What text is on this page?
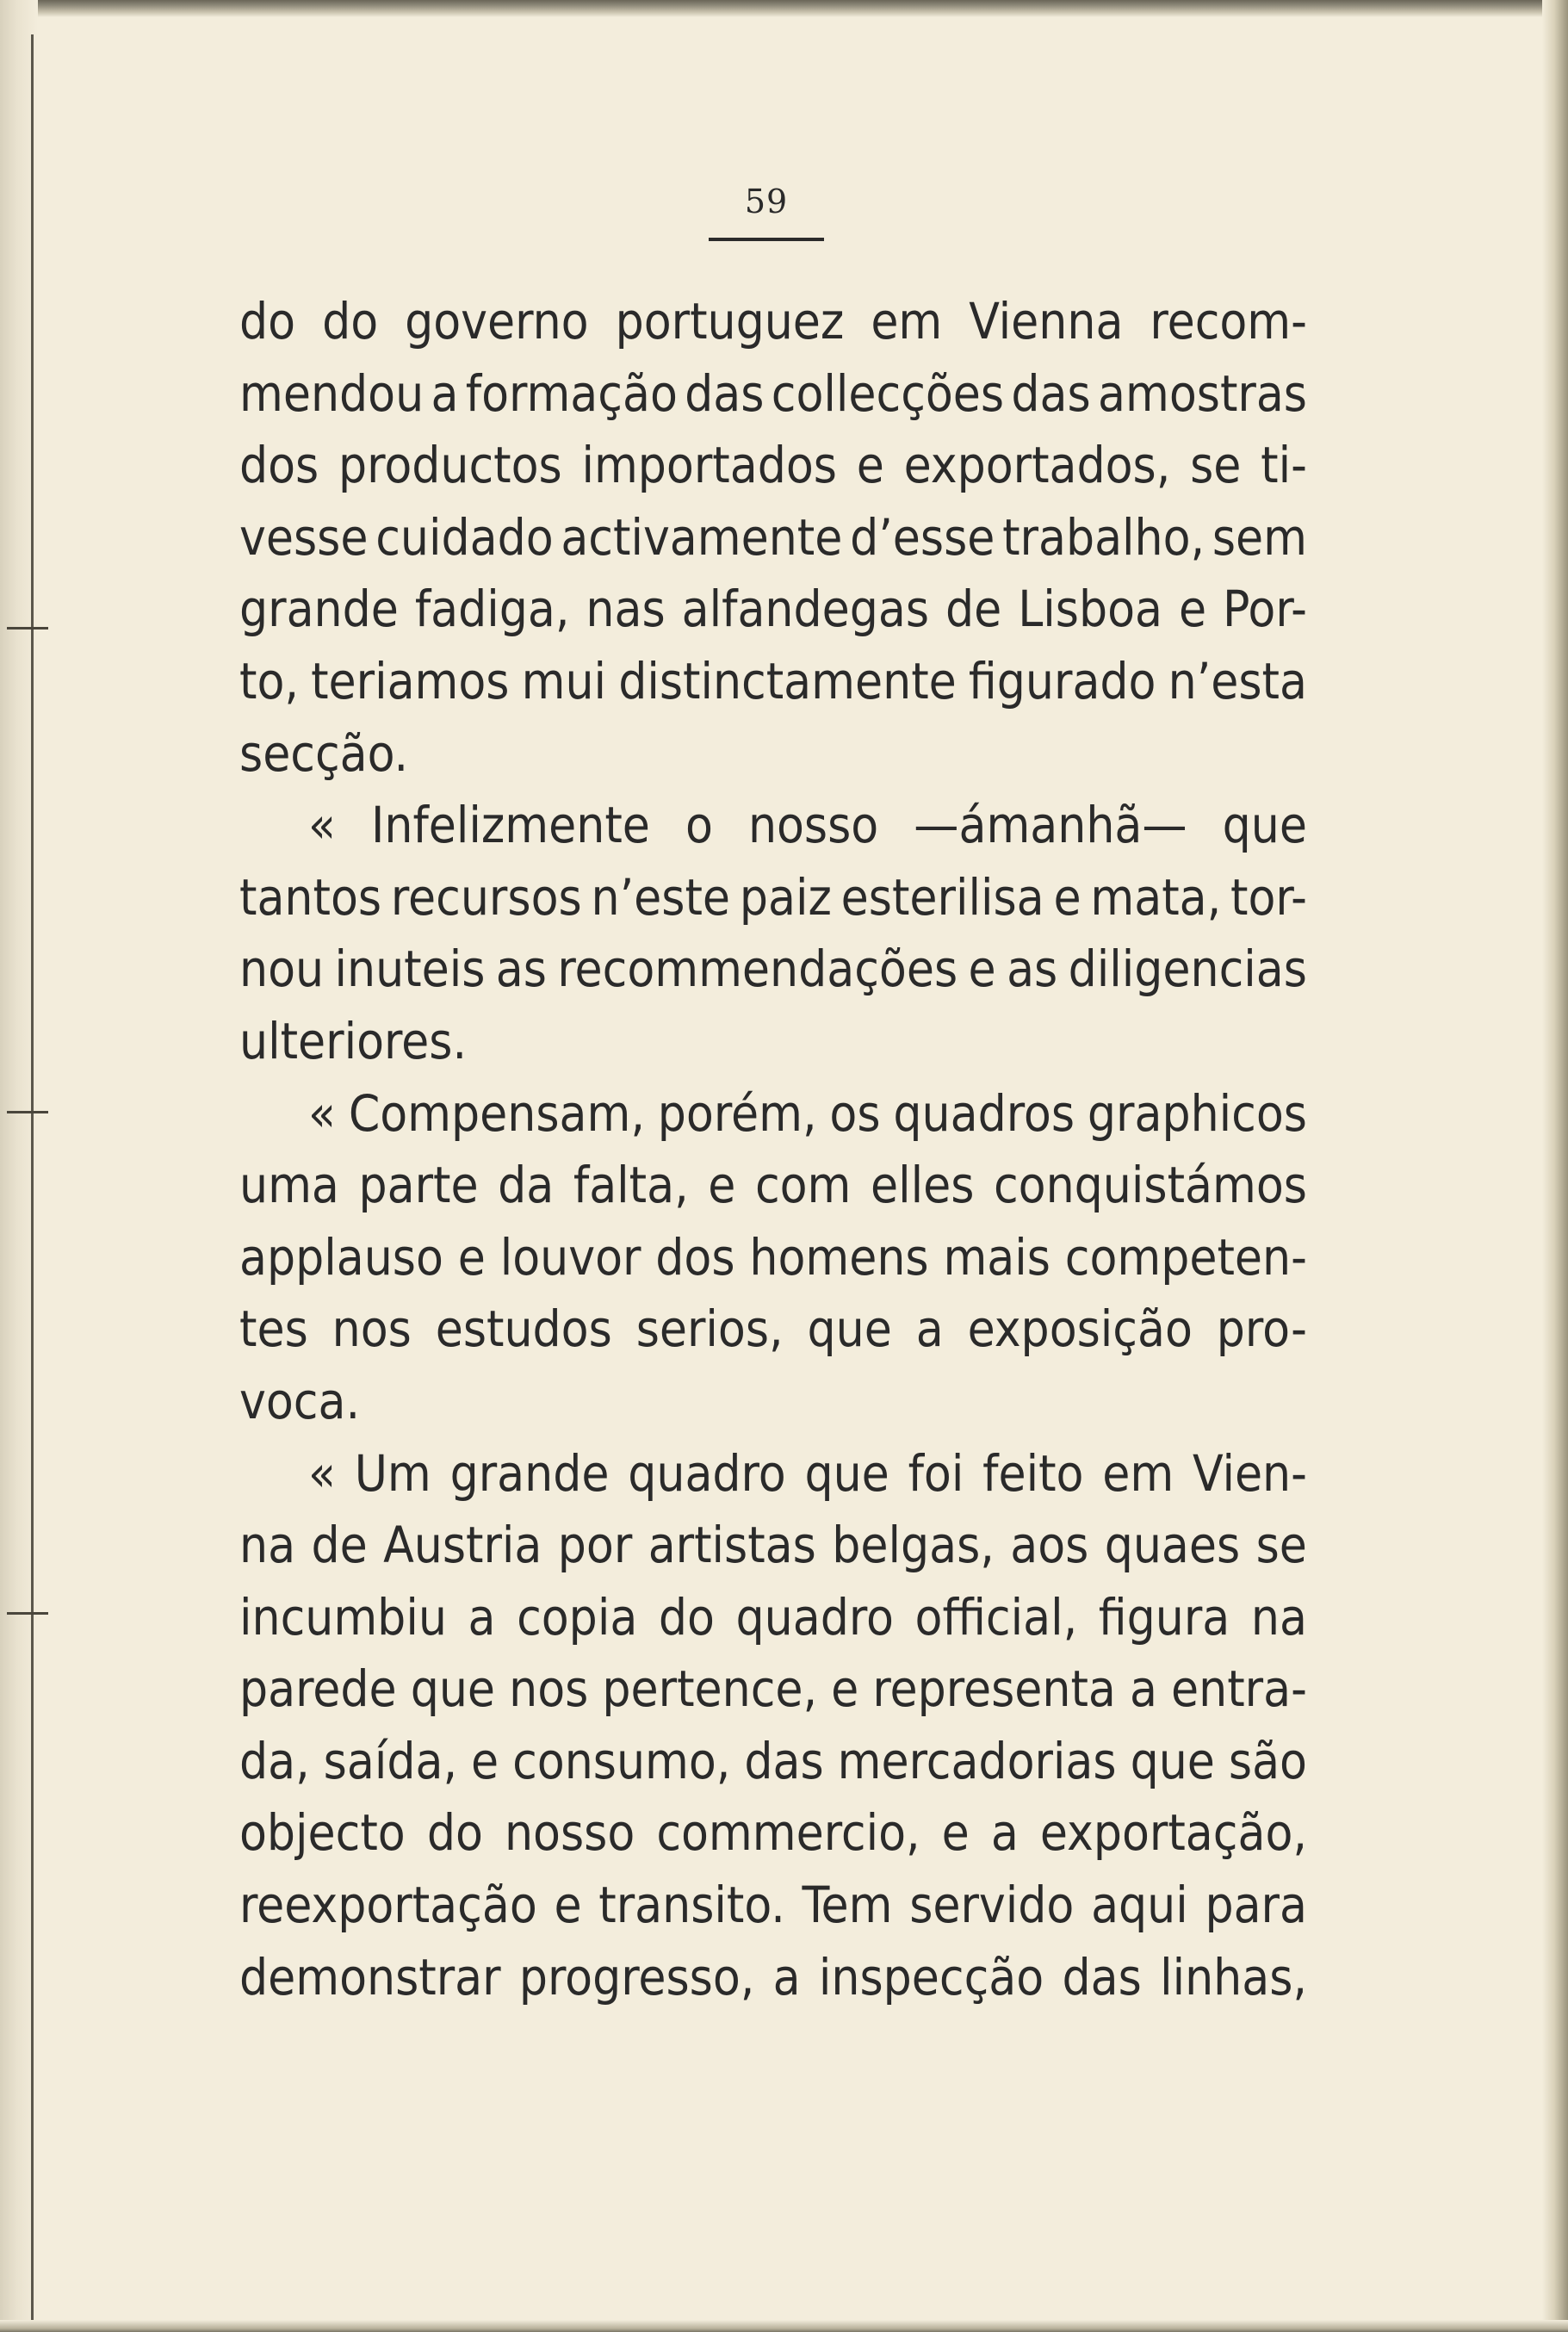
59
do do governo portuguez em Vienna recom-
mendou a formação das collecções das amostras
dos productos importados e exportados, se ti-
vesse cuidado activamente d’esse trabalho, sem
grande fadiga, nas alfandegas de Lisboa e Por-
to, teriamos mui distinctamente figurado n’esta
secção.
« Infelizmente o nosso —ámanhã— que
tantos recursos n’este paiz esterilisa e mata, tor-
nou inuteis as recommendações e as diligencias
ulteriores.
« Compensam, porém, os quadros graphicos
uma parte da falta, e com elles conquistámos
applauso e louvor dos homens mais competen-
tes nos estudos serios, que a exposição pro-
voca.
« Um grande quadro que foi feito em Vien-
na de Austria por artistas belgas, aos quaes se
incumbiu a copia do quadro official, figura na
parede que nos pertence, e representa a entra-
da, saída, e consumo, das mercadorias que são
objecto do nosso commercio, e a exportação,
reexportação e transito. Tem servido aqui para
demonstrar progresso, a inspecção das linhas,
